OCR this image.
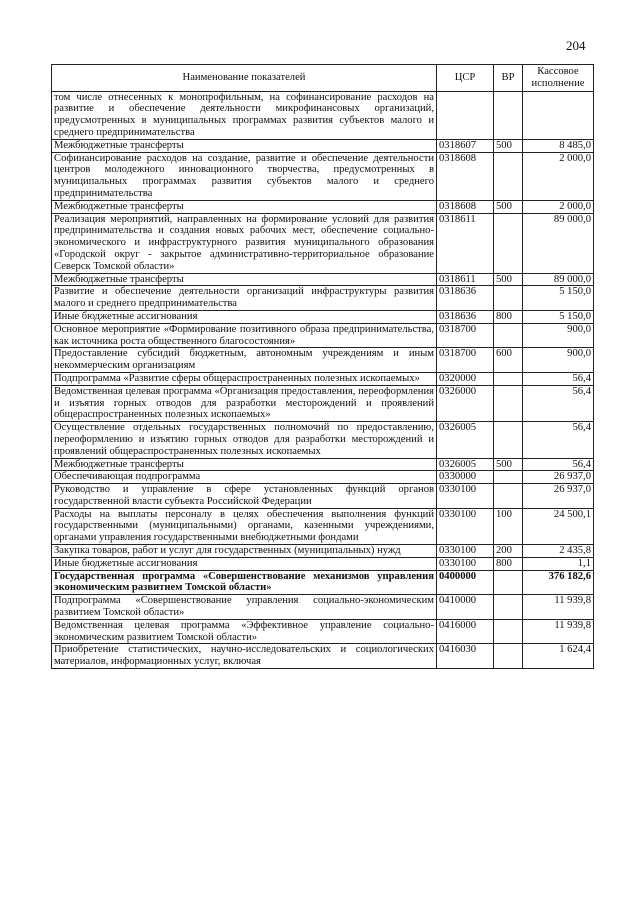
204
Наименование показателей	ЦСР	ВР	Кассовое исполнение
том числе отнесенных к монопрофильным, на софинансирование расходов на развитие и обеспечение деятельности микрофинансовых организаций, предусмотренных в муниципальных программах развития субъектов малого и среднего предпринимательства			
Межбюджетные трансферты	0318607	500	8 485,0
Софинансирование расходов на создание, развитие и обеспечение деятельности центров молодежного инновационного творчества, предусмотренных в муниципальных программах развития субъектов малого и среднего предпринимательства	0318608		2 000,0
Межбюджетные трансферты	0318608	500	2 000,0
Реализация мероприятий, направленных на формирование условий для развития предпринимательства и создания новых рабочих мест, обеспечение социально-экономического и инфраструктурного развития муниципального образования «Городской округ - закрытое административно-территориальное образование Северск Томской области»	0318611		89 000,0
Межбюджетные трансферты	0318611	500	89 000,0
Развитие и обеспечение деятельности организаций инфраструктуры развития малого и среднего предпринимательства	0318636		5 150,0
Иные бюджетные ассигнования	0318636	800	5 150,0
Основное мероприятие «Формирование позитивного образа предпринимательства, как источника роста общественного благосостояния»	0318700		900,0
Предоставление субсидий бюджетным, автономным учреждениям и иным некоммерческим организациям	0318700	600	900,0
Подпрограмма «Развитие сферы общераспространенных полезных ископаемых»	0320000		56,4
Ведомственная целевая программа «Организация предоставления, переоформления и изъятия горных отводов для разработки месторождений и проявлений общераспространенных полезных ископаемых»	0326000		56,4
Осуществление отдельных государственных полномочий по предоставлению, переоформлению и изъятию горных отводов для разработки месторождений и проявлений общераспространенных полезных ископаемых	0326005		56,4
Межбюджетные трансферты	0326005	500	56,4
Обеспечивающая подпрограмма	0330000		26 937,0
Руководство и управление в сфере установленных функций органов государственной власти субъекта Российской Федерации	0330100		26 937,0
Расходы на выплаты персоналу в целях обеспечения выполнения функций государственными (муниципальными) органами, казенными учреждениями, органами управления государственными внебюджетными фондами	0330100	100	24 500,1
Закупка товаров, работ и услуг для государственных (муниципальных) нужд	0330100	200	2 435,8
Иные бюджетные ассигнования	0330100	800	1,1
Государственная программа «Совершенствование механизмов управления экономическим развитием Томской области»	0400000		376 182,6
Подпрограмма «Совершенствование управления социально-экономическим развитием Томской области»	0410000		11 939,8
Ведомственная целевая программа «Эффективное управление социально-экономическим развитием Томской области»	0416000		11 939,8
Приобретение статистических, научно-исследовательских и социологических материалов, информационных услуг, включая	0416030		1 624,4
